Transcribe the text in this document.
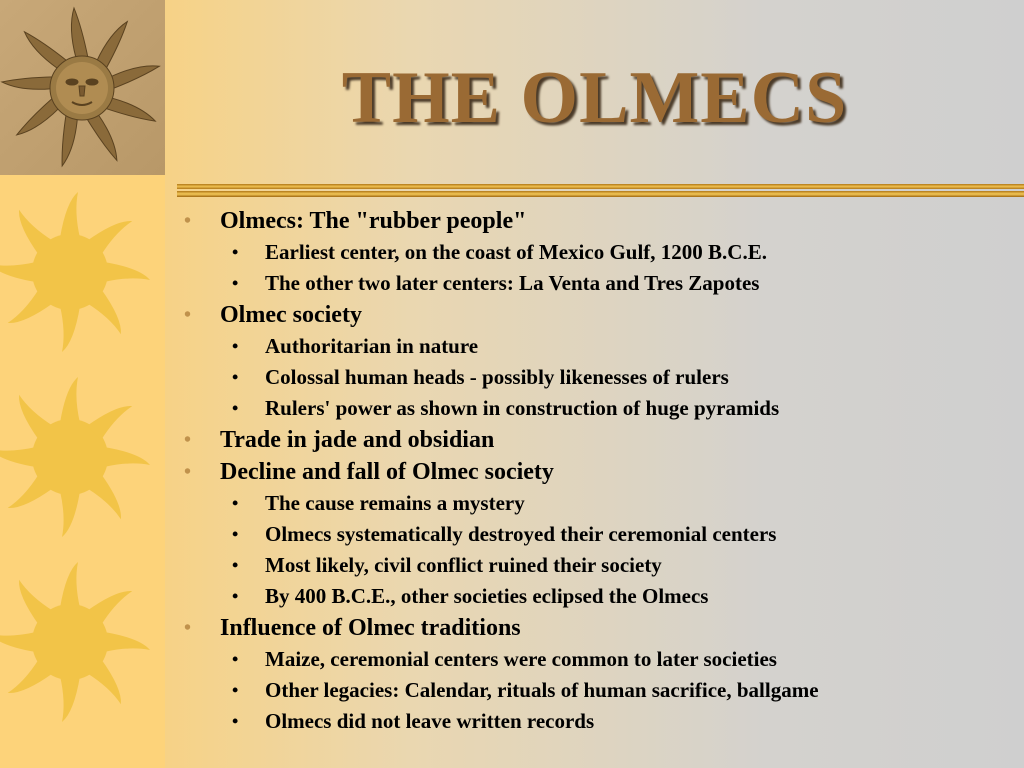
THE OLMECS
• Olmecs: The "rubber people"
• Earliest center, on the coast of Mexico Gulf, 1200 B.C.E.
• The other two later centers: La Venta and Tres Zapotes
• Olmec society
• Authoritarian in nature
• Colossal human heads - possibly likenesses of rulers
• Rulers' power as shown in construction of huge pyramids
• Trade in jade and obsidian
• Decline and fall of Olmec society
• The cause remains a mystery
• Olmecs systematically destroyed their ceremonial centers
• Most likely, civil conflict ruined their society
• By 400 B.C.E., other societies eclipsed the Olmecs
• Influence of Olmec traditions
• Maize, ceremonial centers were common to later societies
• Other legacies: Calendar, rituals of human sacrifice, ballgame
• Olmecs did not leave written records
